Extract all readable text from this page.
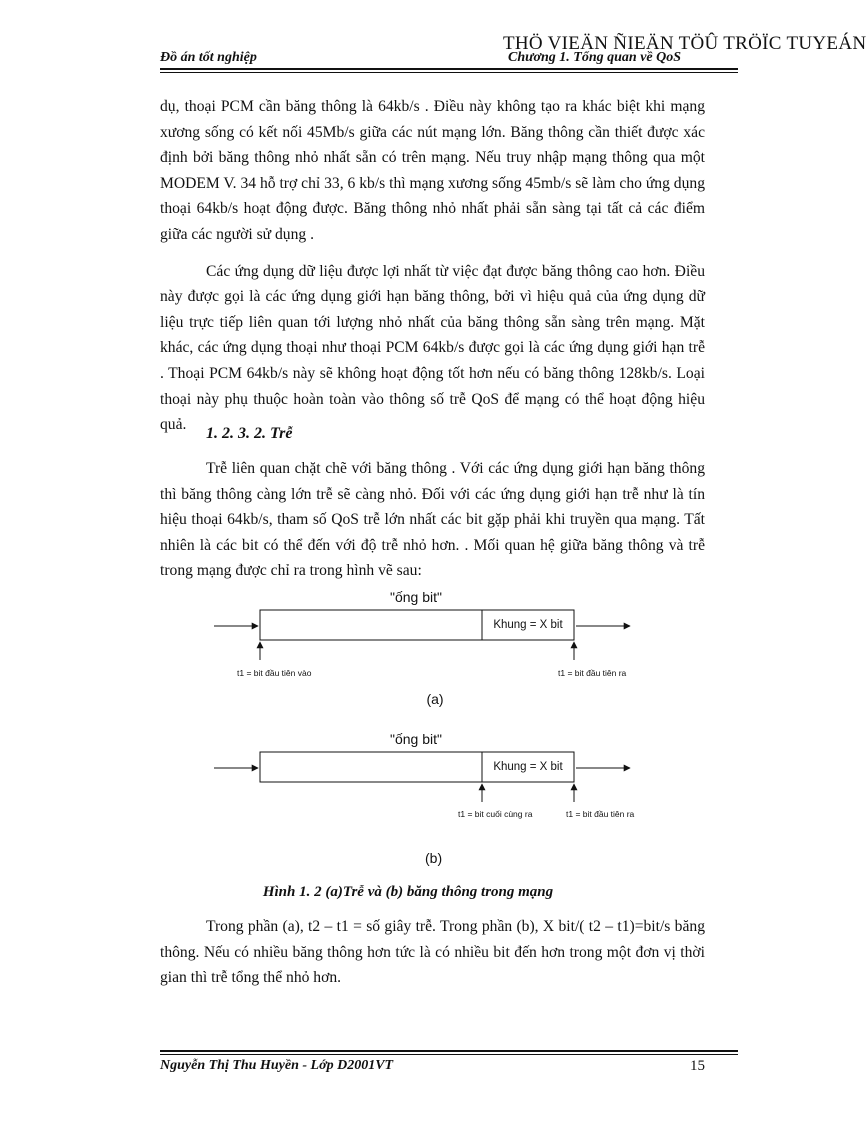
Đồ án tốt nghiệp
THÖ VIEÄN ÑIEÄN TÖÛ TRÖÏC TUYEÁN
Chương 1. Tổng quan về QoS

dụ, thoại PCM cần băng thông là 64kb/s . Điều này không tạo ra khác biệt khi mạng xương sống có kết nối 45Mb/s giữa các nút mạng lớn. Băng thông cần thiết được xác định bởi băng thông nhỏ nhất sẵn có trên mạng. Nếu truy nhập mạng thông qua một MODEM V. 34 hỗ trợ chỉ 33, 6 kb/s thì mạng xương sống 45mb/s sẽ làm cho ứng dụng thoại 64kb/s hoạt động được. Băng thông nhỏ nhất phải sẵn sàng tại tất cả các điểm giữa các người sử dụng .

Các ứng dụng dữ liệu được lợi nhất từ việc đạt được băng thông cao hơn. Điều này được gọi là các ứng dụng giới hạn băng thông, bởi vì hiệu quả của ứng dụng dữ liệu trực tiếp liên quan tới lượng nhỏ nhất của băng thông sẵn sàng trên mạng. Mặt khác, các ứng dụng thoại như thoại PCM 64kb/s được gọi là các ứng dụng giới hạn trễ . Thoại PCM 64kb/s này sẽ không hoạt động tốt hơn nếu có băng thông 128kb/s. Loại thoại này phụ thuộc hoàn toàn vào thông số trễ QoS để mạng có thể hoạt động hiệu quả.

1. 2. 3. 2. Trễ

Trễ liên quan chặt chẽ với băng thông . Với các ứng dụng giới hạn băng thông thì băng thông càng lớn trễ sẽ càng nhỏ. Đối với các ứng dụng giới hạn trễ như là tín hiệu thoại 64kb/s, tham số QoS trễ lớn nhất các bit gặp phải khi truyền qua mạng. Tất nhiên là các bit có thể đến với độ trễ nhỏ hơn. . Mối quan hệ giữa băng thông và trễ trong mạng được chỉ ra trong hình vẽ sau:

"ống bit"
Khung = X bit
t1 = bit đầu tiên vào	t1 = bit đầu tiên ra
(a)
"ống bit"
Khung = X bit
t1 = bit cuối cùng ra	t1 = bit đầu tiên ra
(b)
Hình 1. 2 (a)Trễ và (b) băng thông trong mạng

Trong phần (a), t2 – t1 = số giây trễ. Trong phần (b), X bit/( t2 – t1)=bit/s băng thông. Nếu có nhiều băng thông hơn tức là có nhiều bit đến hơn trong một đơn vị thời gian thì trễ tổng thể nhỏ hơn.

Nguyễn Thị Thu Huyền - Lớp D2001VT	15
